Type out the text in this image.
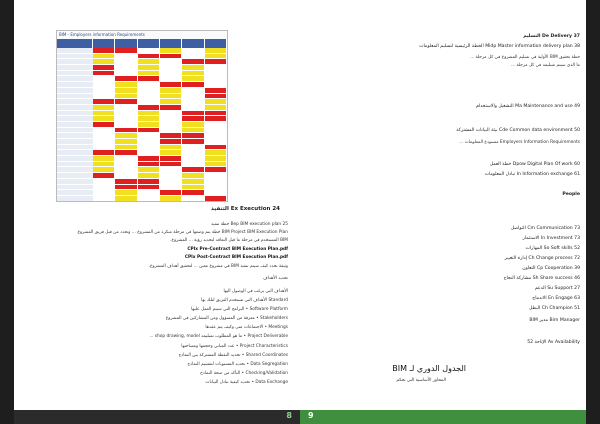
BIM - Employers information Requirements
24 Ex Execution التنفيذ
25 Bep BIM execution plan خطة تنفيذ
BIM Project BIM Execution Plan خطة يتم وضعها في مرحلة مبكرة من المشروع ... وتحدد من قبل فريق المشروع
BIM المستخدم في مرحلة ما قبل التعاقد لتحديد رؤية ... المشروع.
CPIx Pre-Contract BIM Execution Plan.pdf
CPIx Post-Contract BIM Execution Plan.pdf
وثيقة تحدد كيف سيتم تنفيذ BIM في مشروع معين ... لتحقيق أهداف المشروع.
تحديد الأهداف
الأهداف التي يرغب في الوصول اليها
Standard الأهداف التي تستخدم الفريق لتلك بها
Software Platform • البرامج التي سيتم العمل عليها
Stakeholders • معرفة من المسؤول ومن المشاركين في المشروع
Meetings • الاجتماعات متى وكيف يتم عقدها
Project Deliverable • ما هو المطلوب تسليمه shop drawing, model ...
Project Characteristics • عدد المباني وحجمها ومساحتها
Shared Coordinates • تحديد النقطة المشتركة بين النماذج
Data Segregation • تحديد المستويات لتقسيم النماذج
Checking/Validation • التأكد من صحة النماذج
Data Exchange • تحديد كيفية تبادل البيانات
37 De Delivery التسليم
38 Midp Master information delivery plan الخطة الرئيسية لتسليم المعلومات
خطة تحقيق BIM الأولية في تسليم المشروع في كل مرحلة ...
ما الذي سيتم تسليمه في كل مرحلة ...
49 Ma Maintenance and use التشغيل والاستخدام
50 Cde Common data environment بيئة البيانات المشتركة
Employers Information Requirements مستودع المعلومات ...
60 Dpow Digital Plan Of work خطة العمل
61 In Information exchange تبادل المعلومات
People
73 Cm Communication التواصل
73 In Investment الاستثمار
52 So Soft skills المهارات
72 Ch Change process إدارة التغيير
39 Cp Cooperation التعاون
46 Sh Share success مشاركة النجاح
27 Su Support الدعم
63 En Engage الاندماج
51 Ch Champion البطل
Bim Manager مدير BIM
Av Availability الإتاحة 52
الجدول الدوري لـ BIM
المحاور الأساسية التي تحكم
8 9
